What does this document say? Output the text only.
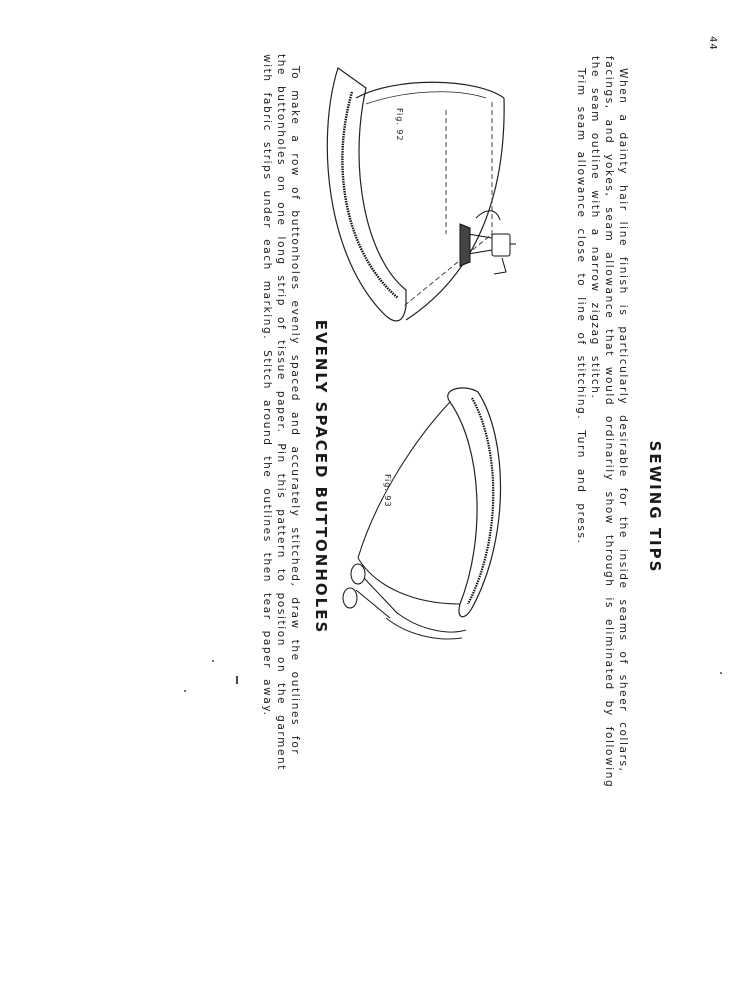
44
SEWING TIPS

When a dainty hair line finish is particularly desirable for the inside seams of sheer collars,
facings, and yokes, seam allowance that would ordinarily show through is eliminated by following
the seam outline with a narrow zigzag stitch.
Trim seam allowance close to line of stitching. Turn and press.

Fig. 92
Fig. 93
EVENLY SPACED BUTTONHOLES

To make a row of buttonholes evenly spaced and accurately stitched, draw the outlines for
the buttonholes on one long strip of tissue paper. Pin this pattern to position on the garment
with fabric strips under each marking. Stitch around the outlines then tear paper away.
